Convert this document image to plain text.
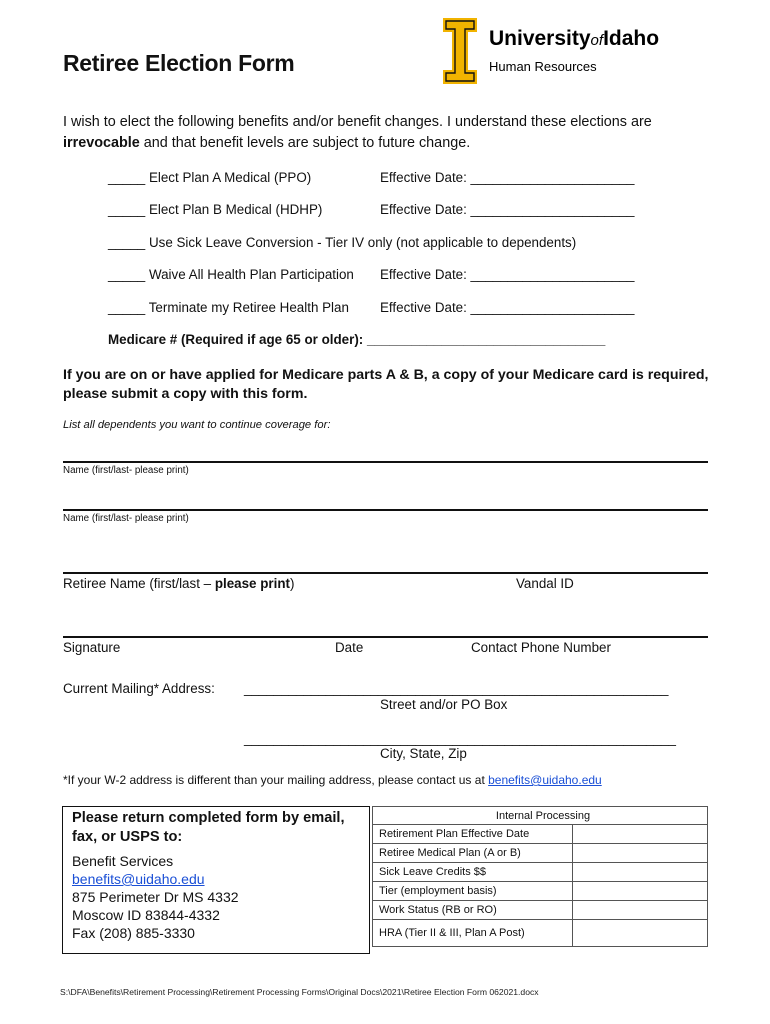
Retiree Election Form
UniversityofIdaho
Human Resources
I wish to elect the following benefits and/or benefit changes. I understand these elections are
irrevocable and that benefit levels are subject to future change.
_____ Elect Plan A Medical (PPO)	Effective Date: ______________________
_____ Elect Plan B Medical (HDHP)	Effective Date: ______________________
_____ Use Sick Leave Conversion - Tier IV only (not applicable to dependents)
_____ Waive All Health Plan Participation Effective Date: ______________________
_____ Terminate my Retiree Health Plan Effective Date: ______________________
Medicare # (Required if age 65 or older): ________________________________
If you are on or have applied for Medicare parts A & B, a copy of your Medicare card is required, please submit a copy with this form.
List all dependents you want to continue coverage for:
Name (first/last- please print)
Name (first/last- please print)
Retiree Name (first/last – please print)	Vandal ID
Signature	Date	Contact Phone Number
Current Mailing* Address: _________________________________________________________
Street and/or PO Box
__________________________________________________________
City, State, Zip
*If your W-2 address is different than your mailing address, please contact us at benefits@uidaho.edu
Please return completed form by email, fax, or USPS to:
Benefit Services
benefits@uidaho.edu
875 Perimeter Dr MS 4332
Moscow ID 83844-4332
Fax (208) 885-3330
Internal Processing	
Retirement Plan Effective Date	
Retiree Medical Plan (A or B)	
Sick Leave Credits $$	
Tier (employment basis)	
Work Status (RB or RO)	
HRA (Tier II & III, Plan A Post)	
S:\DFA\Benefits\Retirement Processing\Retirement Processing Forms\Original Docs\2021\Retiree Election Form 062021.docx
